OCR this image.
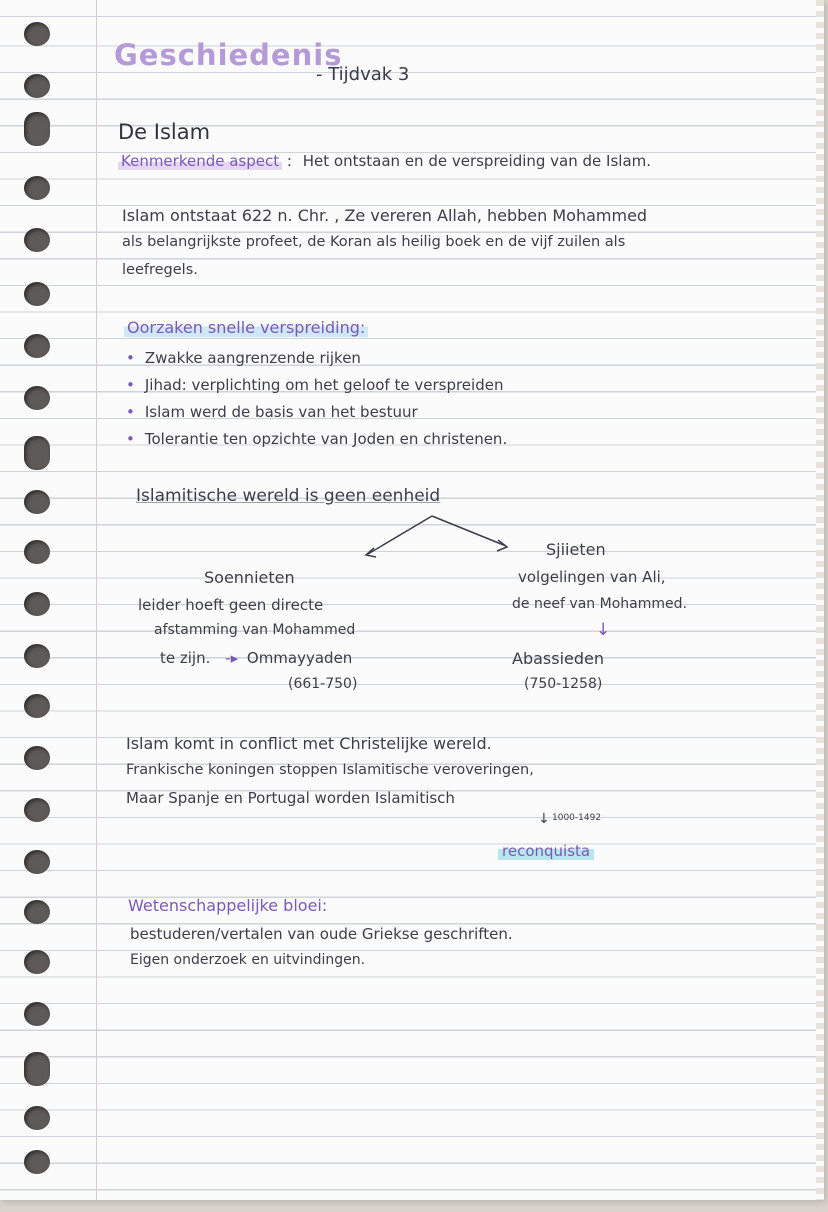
Geschiedenis
- Tijdvak 3
De Islam
Kenmerkende aspect : Het ontstaan en de verspreiding van de Islam.
Islam ontstaat 622 n. Chr. , Ze vereren Allah, hebben Mohammed
als belangrijkste profeet, de Koran als heilig boek en de vijf zuilen als
leefregels.
Oorzaken snelle verspreiding:
• Zwakke aangrenzende rijken
• Jihad: verplichting om het geloof te verspreiden
• Islam werd de basis van het bestuur
• Tolerantie ten opzichte van Joden en christenen.
Islamitische wereld is geen eenheid
Soennieten
leider hoeft geen directe
afstamming van Mohammed
te zijn. -▸ Ommayyaden
(661-750)
Sjiieten
volgelingen van Ali,
de neef van Mohammed.
↓
Abassieden
(750-1258)
Islam komt in conflict met Christelijke wereld.
Frankische koningen stoppen Islamitische veroveringen,
Maar Spanje en Portugal worden Islamitisch
↓ 1000-1492
reconquista
Wetenschappelijke bloei:
bestuderen/vertalen van oude Griekse geschriften.
Eigen onderzoek en uitvindingen.
